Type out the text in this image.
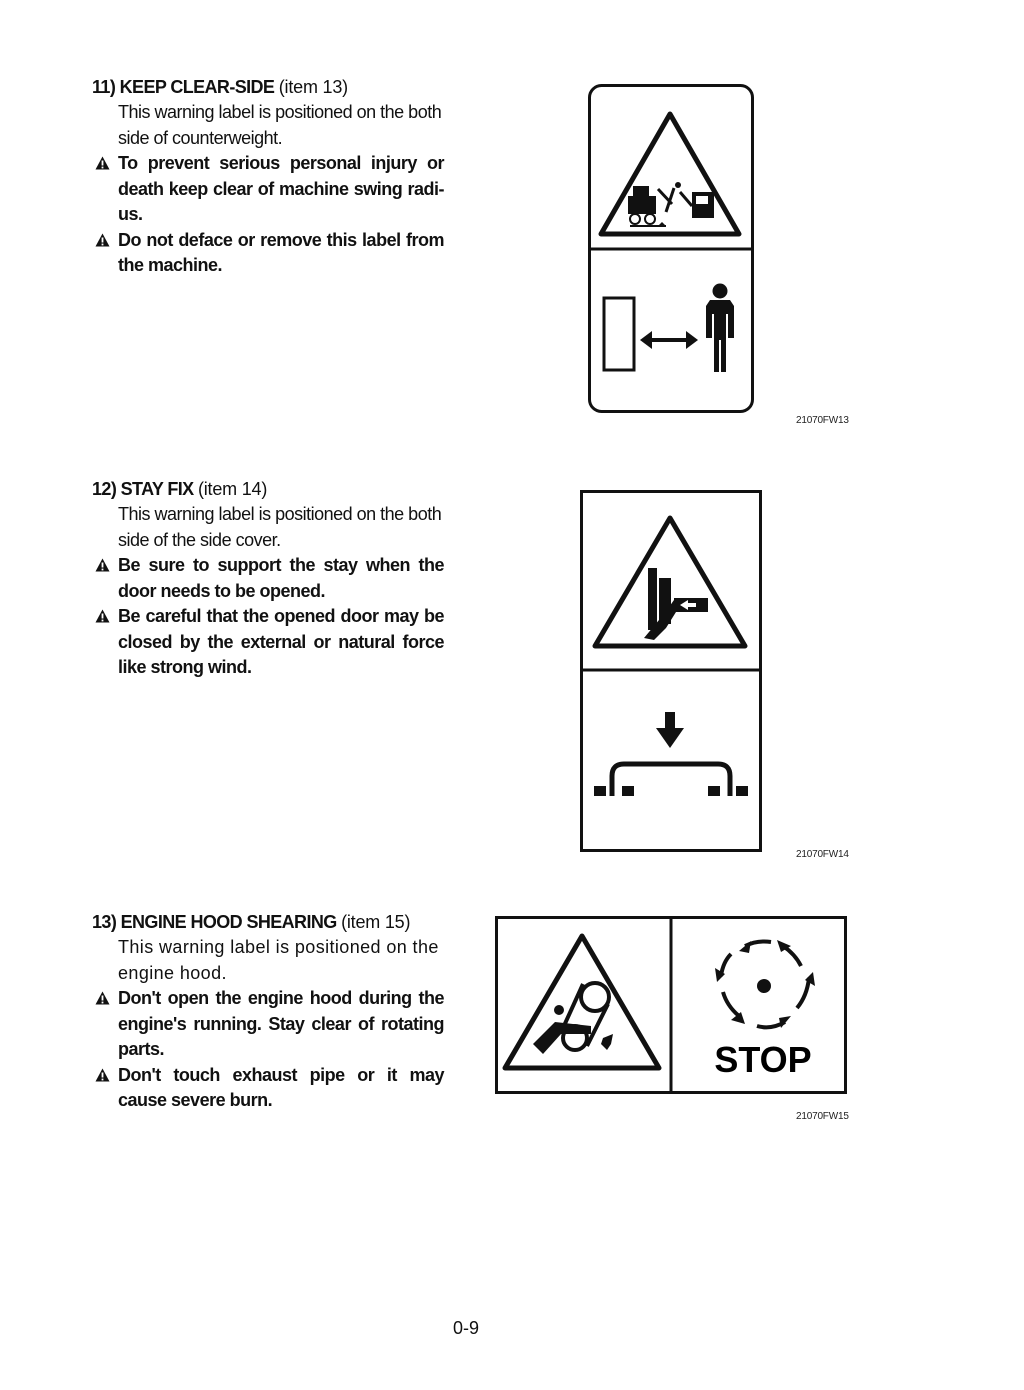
11) KEEP CLEAR-SIDE (item 13)
This warning label is positioned on the both side of counterweight.
To prevent serious personal injury or death keep clear of machine swing radi-us.
Do not deface or remove this label from the machine.
21070FW13
12) STAY FIX (item 14)
This warning label is positioned on the both side of the side cover.
Be sure to support the stay when the door needs to be opened.
Be careful that the opened door may be closed by the external or natural force like strong wind.
21070FW14
13) ENGINE HOOD SHEARING (item 15)
This warning label is positioned on the engine hood.
Don't open the engine hood during the engine's running. Stay clear of rotating parts.
Don't touch exhaust pipe or it may cause severe burn.
STOP
21070FW15
0-9
